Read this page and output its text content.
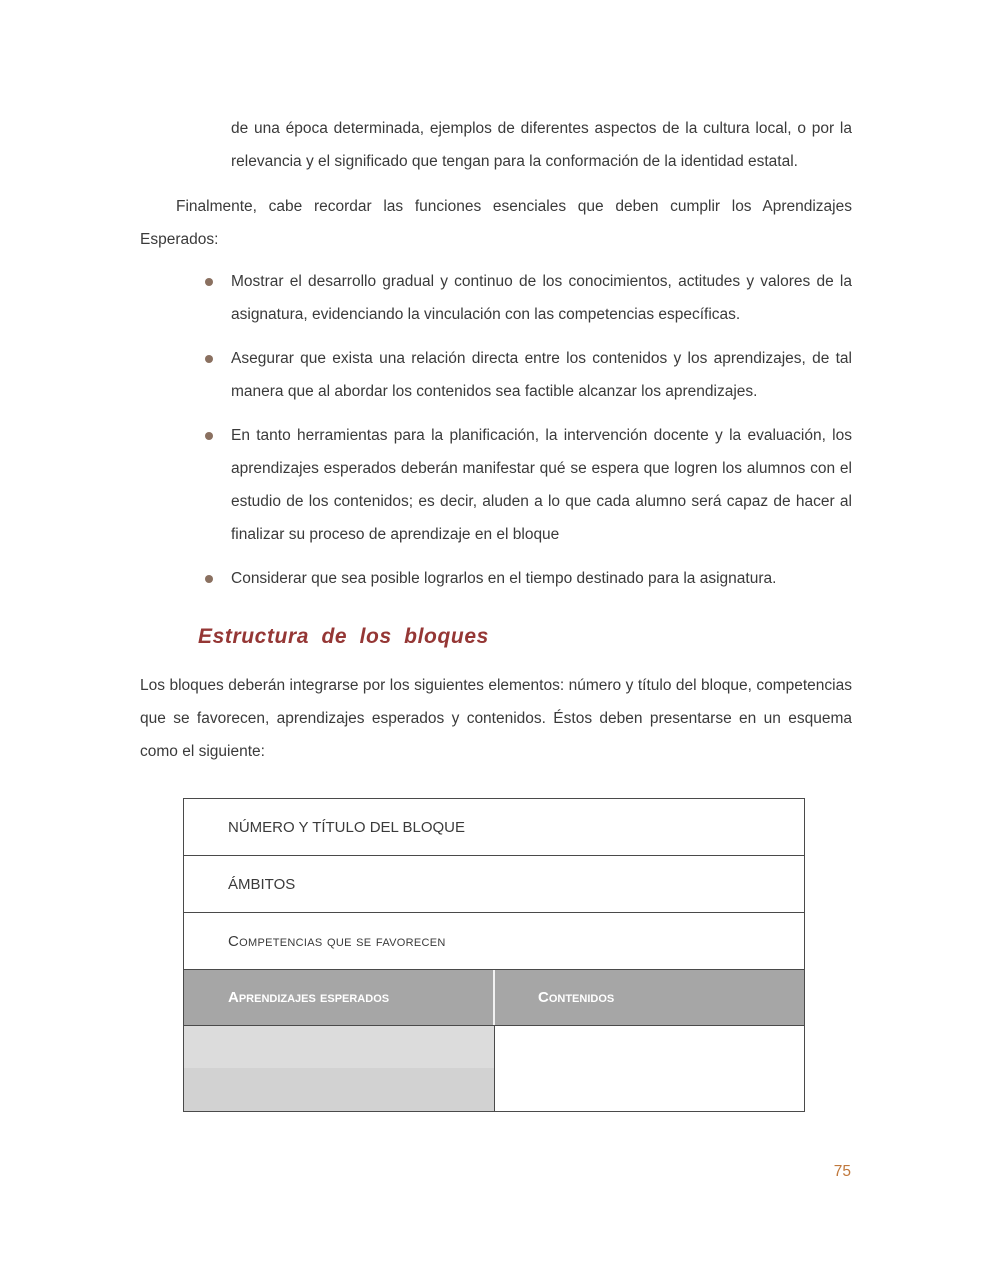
de una época determinada, ejemplos de diferentes aspectos de la cultura local, o por la relevancia y el significado que tengan para la conformación de la identidad estatal.

Finalmente, cabe recordar las funciones esenciales que deben cumplir los Aprendizajes Esperados:

Mostrar el desarrollo gradual y continuo de los conocimientos, actitudes y valores de la asignatura, evidenciando la vinculación con las competencias específicas.
Asegurar que exista una relación directa entre los contenidos y los aprendizajes, de tal manera que al abordar los contenidos sea factible alcanzar los aprendizajes.
En tanto herramientas para la planificación, la intervención docente y la evaluación, los aprendizajes esperados deberán manifestar qué se espera que logren los alumnos con el estudio de los contenidos; es decir, aluden a lo que cada alumno será capaz de hacer al finalizar su proceso de aprendizaje en el bloque
Considerar que sea posible lograrlos en el tiempo destinado para la asignatura.
Estructura de los bloques

Los bloques deberán integrarse por los siguientes elementos: número y título del bloque, competencias que se favorecen, aprendizajes esperados y contenidos. Éstos deben presentarse en un esquema como el siguiente:

NÚMERO Y TÍTULO DEL BLOQUE
ÁMBITOS
Competencias que se favorecen
Aprendizajes esperados	Contenidos
75
